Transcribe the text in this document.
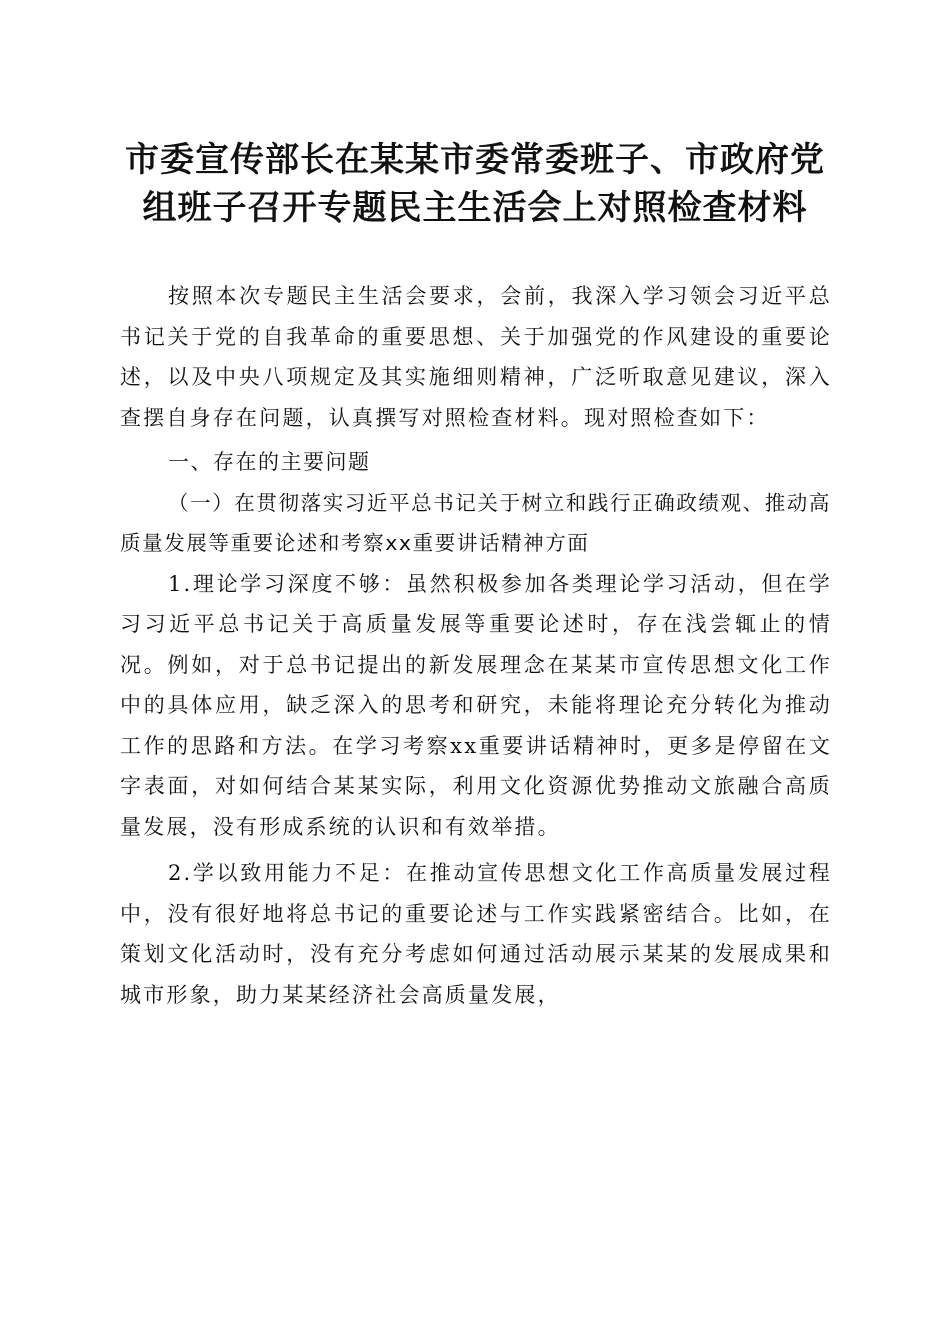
市委宣传部长在某某市委常委班子、市政府党
组班子召开专题民主生活会上对照检查材料

按照本次专题民主生活会要求，会前，我深入学习领会习近平总书记关于党的自我革命的重要思想、关于加强党的作风建设的重要论述，以及中央八项规定及其实施细则精神，广泛听取意见建议，深入查摆自身存在问题，认真撰写对照检查材料。现对照检查如下：

一、存在的主要问题

（一）在贯彻落实习近平总书记关于树立和践行正确政绩观、推动高质量发展等重要论述和考察xx重要讲话精神方面

1.理论学习深度不够：虽然积极参加各类理论学习活动，但在学习习近平总书记关于高质量发展等重要论述时，存在浅尝辄止的情况。例如，对于总书记提出的新发展理念在某某市宣传思想文化工作中的具体应用，缺乏深入的思考和研究，未能将理论充分转化为推动工作的思路和方法。在学习考察xx重要讲话精神时，更多是停留在文字表面，对如何结合某某实际，利用文化资源优势推动文旅融合高质量发展，没有形成系统的认识和有效举措。

2.学以致用能力不足：在推动宣传思想文化工作高质量发展过程中，没有很好地将总书记的重要论述与工作实践紧密结合。比如，在策划文化活动时，没有充分考虑如何通过活动展示某某的发展成果和城市形象，助力某某经济社会高质量发展，
